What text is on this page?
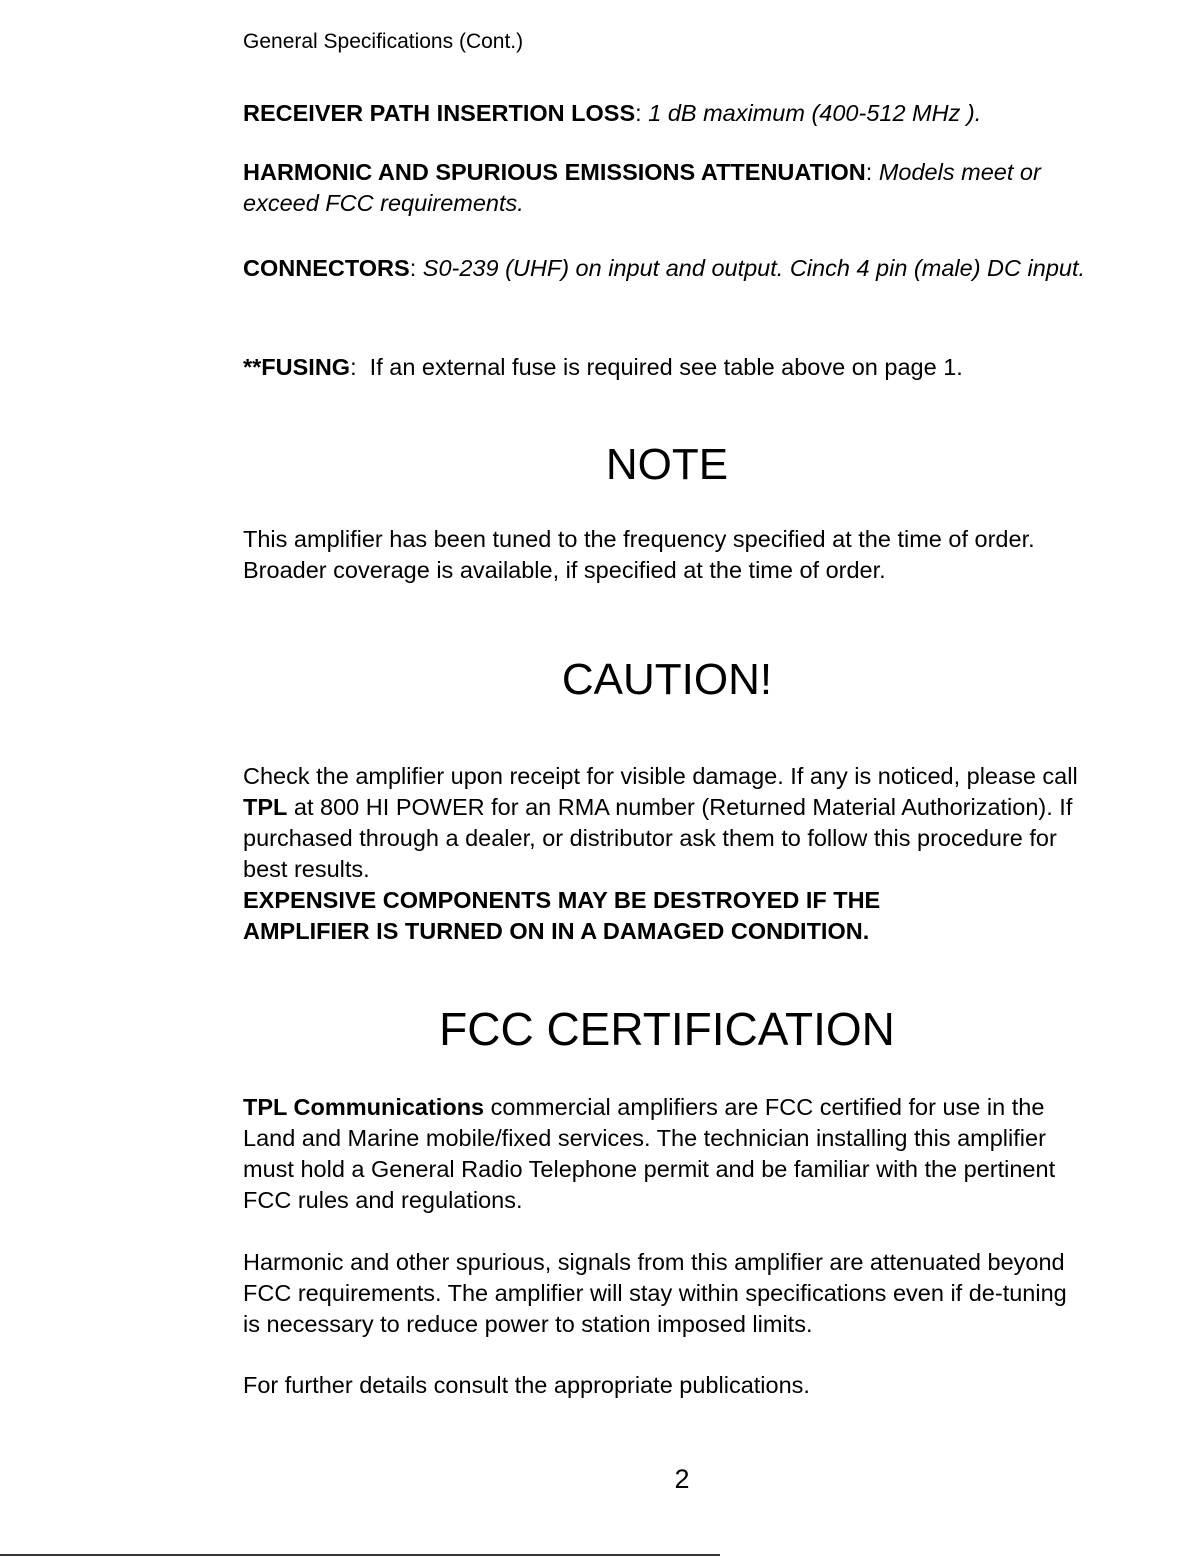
General Specifications (Cont.)
RECEIVER PATH INSERTION LOSS: 1 dB maximum (400-512 MHz ).
HARMONIC AND SPURIOUS EMISSIONS ATTENUATION: Models meet or exceed FCC requirements.
CONNECTORS: S0-239 (UHF) on input and output. Cinch 4 pin (male) DC input.
**FUSING: If an external fuse is required see table above on page 1.
NOTE
This amplifier has been tuned to the frequency specified at the time of order. Broader coverage is available, if specified at the time of order.
CAUTION!
Check the amplifier upon receipt for visible damage. If any is noticed, please call TPL at 800 HI POWER for an RMA number (Returned Material Authorization). If purchased through a dealer, or distributor ask them to follow this procedure for best results.
EXPENSIVE COMPONENTS MAY BE DESTROYED IF THE AMPLIFIER IS TURNED ON IN A DAMAGED CONDITION.
FCC CERTIFICATION
TPL Communications commercial amplifiers are FCC certified for use in the Land and Marine mobile/fixed services. The technician installing this amplifier must hold a General Radio Telephone permit and be familiar with the pertinent FCC rules and regulations.
Harmonic and other spurious, signals from this amplifier are attenuated beyond FCC requirements. The amplifier will stay within specifications even if de-tuning is necessary to reduce power to station imposed limits.
For further details consult the appropriate publications.
2
